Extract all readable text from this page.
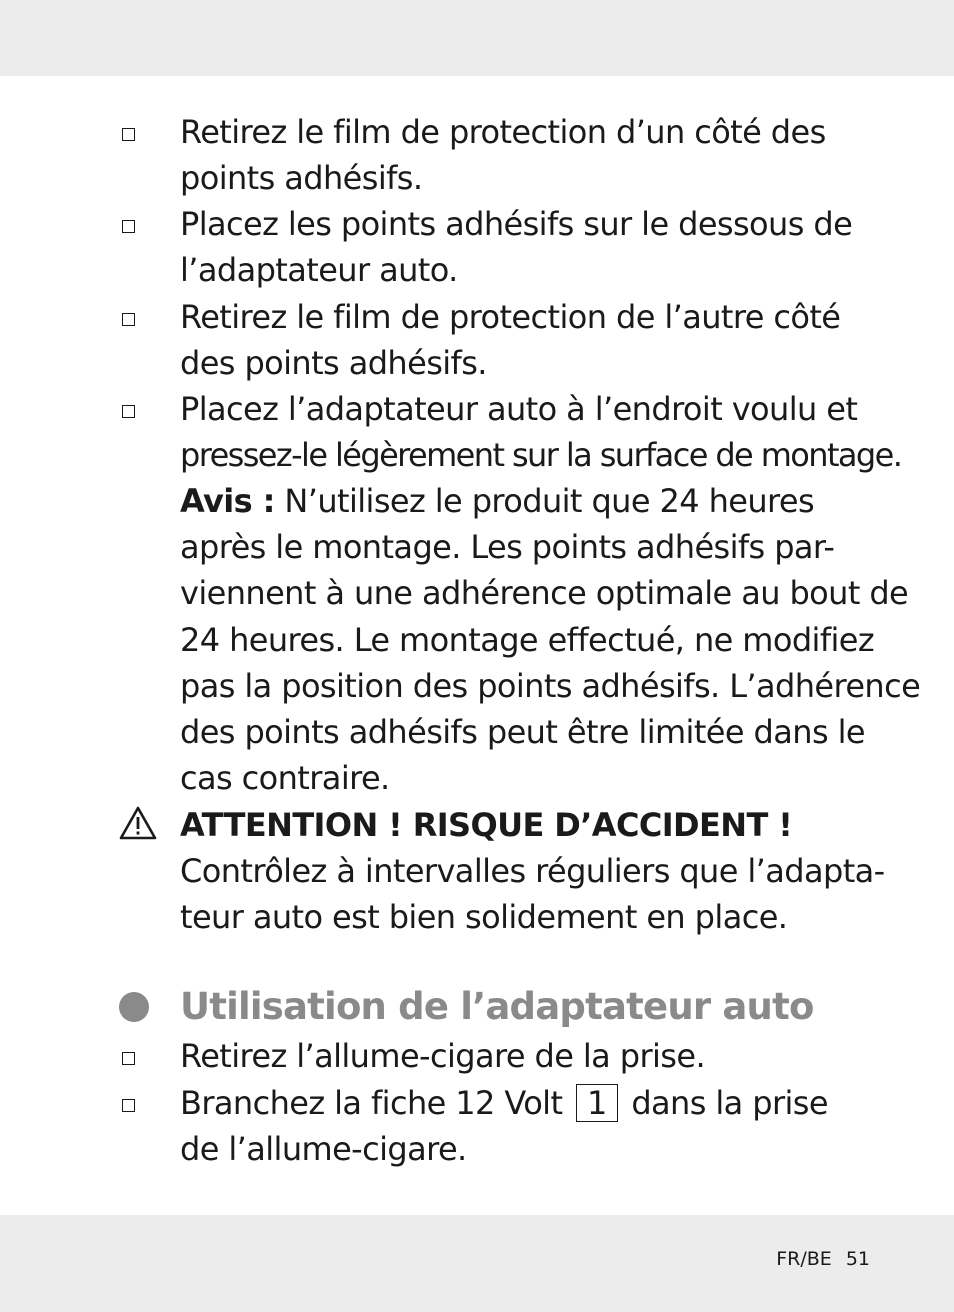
Retirez le film de protection d’un côté des
points adhésifs.
Placez les points adhésifs sur le dessous de
l’adaptateur auto.
Retirez le film de protection de l’autre côté
des points adhésifs.
Placez l’adaptateur auto à l’endroit voulu et
pressez-le légèrement sur la surface de montage.
Avis : N’utilisez le produit que 24 heures
après le montage. Les points adhésifs par-
viennent à une adhérence optimale au bout de
24 heures. Le montage effectué, ne modifiez
pas la position des points adhésifs. L’adhérence
des points adhésifs peut être limitée dans le
cas contraire.
ATTENTION ! RISQUE D’ACCIDENT !
Contrôlez à intervalles réguliers que l’adapta-
teur auto est bien solidement en place.
Utilisation de l’adaptateur auto
Retirez l’allume-cigare de la prise.
Branchez la fiche 12 Volt 1 dans la prise
de l’allume-cigare.
FR/BE 51
